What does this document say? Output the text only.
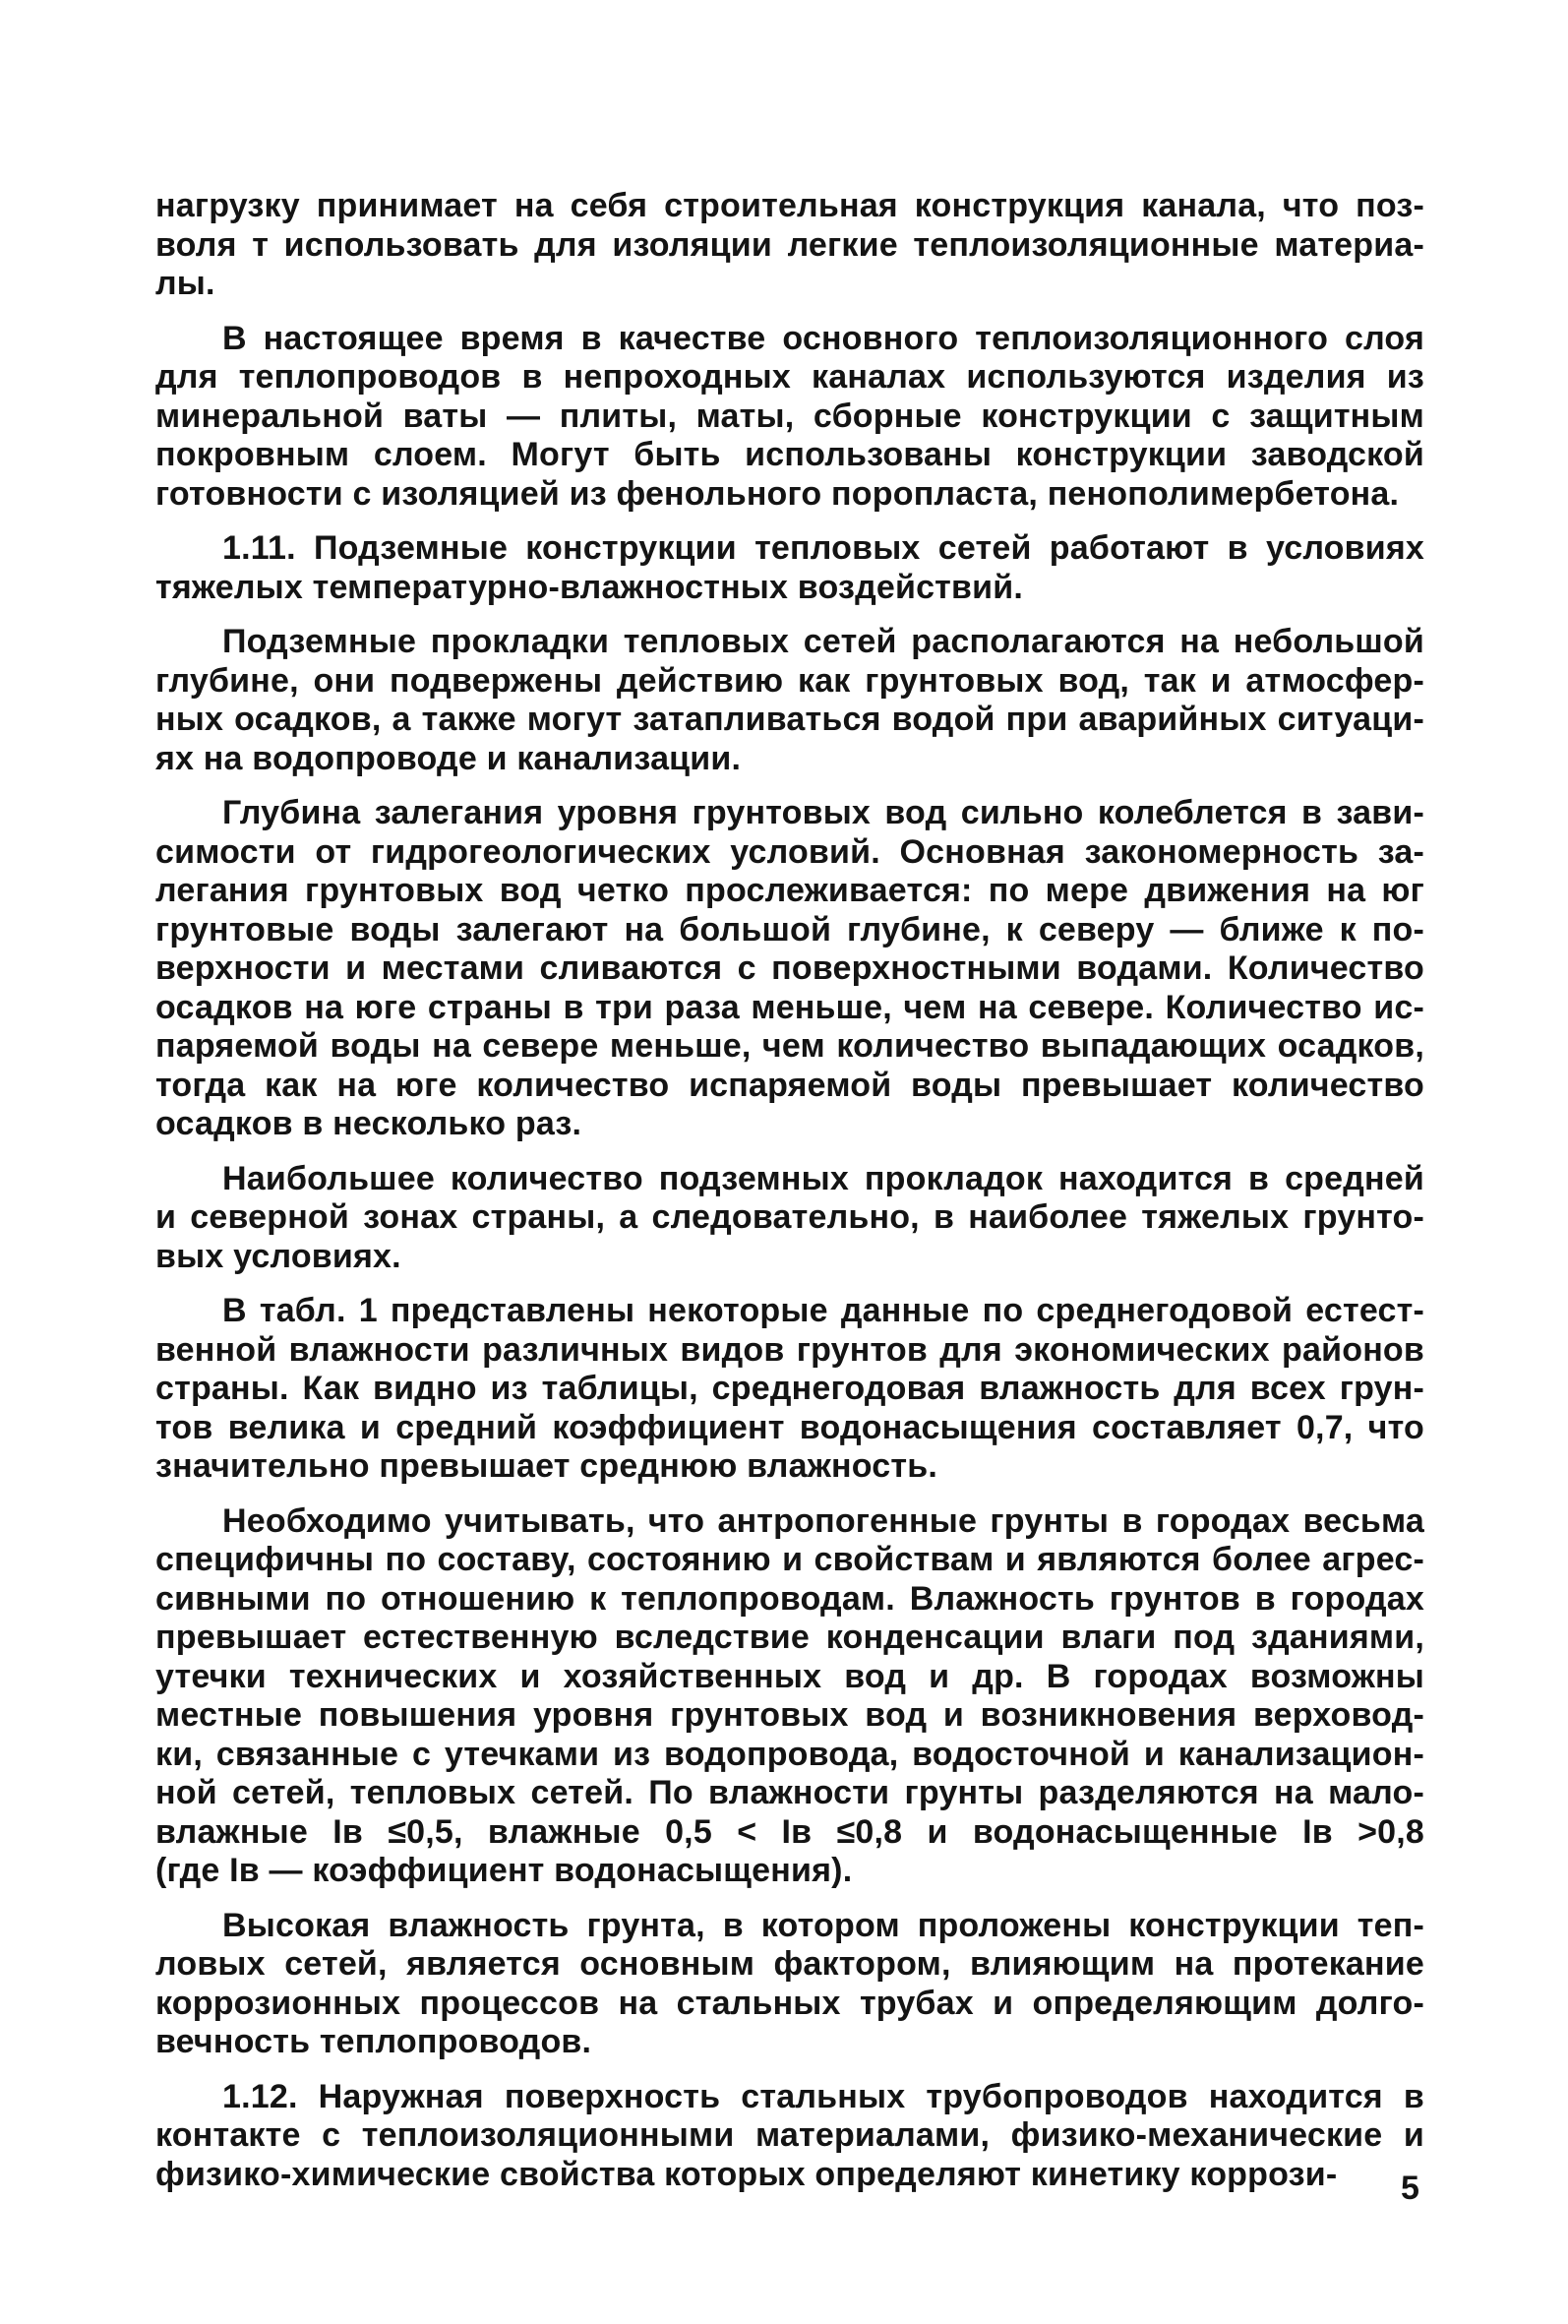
нагрузку принимает на себя строительная конструкция канала, что поз-
воля т использовать для изоляции легкие теплоизоляционные материа-
лы.
В настоящее время в качестве основного теплоизоляционного слоя
для теплопроводов в непроходных каналах используются изделия из
минеральной ваты — плиты, маты, сборные конструкции с защитным
покровным слоем. Могут быть использованы конструкции заводской
готовности с изоляцией из фенольного поропласта, пенополимербетона.
1.11. Подземные конструкции тепловых сетей работают в условиях
тяжелых температурно-влажностных воздействий.
Подземные прокладки тепловых сетей располагаются на небольшой
глубине, они подвержены действию как грунтовых вод, так и атмосфер-
ных осадков, а также могут затапливаться водой при аварийных ситуаци-
ях на водопроводе и канализации.
Глубина залегания уровня грунтовых вод сильно колеблется в зави-
симости от гидрогеологических условий. Основная закономерность за-
легания грунтовых вод четко прослеживается: по мере движения на юг
грунтовые воды залегают на большой глубине, к северу — ближе к по-
верхности и местами сливаются с поверхностными водами. Количество
осадков на юге страны в три раза меньше, чем на севере. Количество ис-
паряемой воды на севере меньше, чем количество выпадающих осадков,
тогда как на юге количество испаряемой воды превышает количество
осадков в несколько раз.
Наибольшее количество подземных прокладок находится в средней
и северной зонах страны, а следовательно, в наиболее тяжелых грунто-
вых условиях.
В табл. 1 представлены некоторые данные по среднегодовой естест-
венной влажности различных видов грунтов для экономических районов
страны. Как видно из таблицы, среднегодовая влажность для всех грун-
тов велика и средний коэффициент водонасыщения составляет 0,7, что
значительно превышает среднюю влажность.
Необходимо учитывать, что антропогенные грунты в городах весьма
специфичны по составу, состоянию и свойствам и являются более агрес-
сивными по отношению к теплопроводам. Влажность грунтов в городах
превышает естественную вследствие конденсации влаги под зданиями,
утечки технических и хозяйственных вод и др. В городах возможны
местные повышения уровня грунтовых вод и возникновения верховод-
ки, связанные с утечками из водопровода, водосточной и канализацион-
ной сетей, тепловых сетей. По влажности грунты разделяются на мало-
влажные Iв ≤0,5, влажные 0,5 < Iв ≤0,8 и водонасыщенные Iв >0,8
(где Iв — коэффициент водонасыщения).
Высокая влажность грунта, в котором проложены конструкции теп-
ловых сетей, является основным фактором, влияющим на протекание
коррозионных процессов на стальных трубах и определяющим долго-
вечность теплопроводов.
1.12. Наружная поверхность стальных трубопроводов находится в
контакте с теплоизоляционными материалами, физико-механические и
физико-химические свойства которых определяют кинетику коррози-	5
